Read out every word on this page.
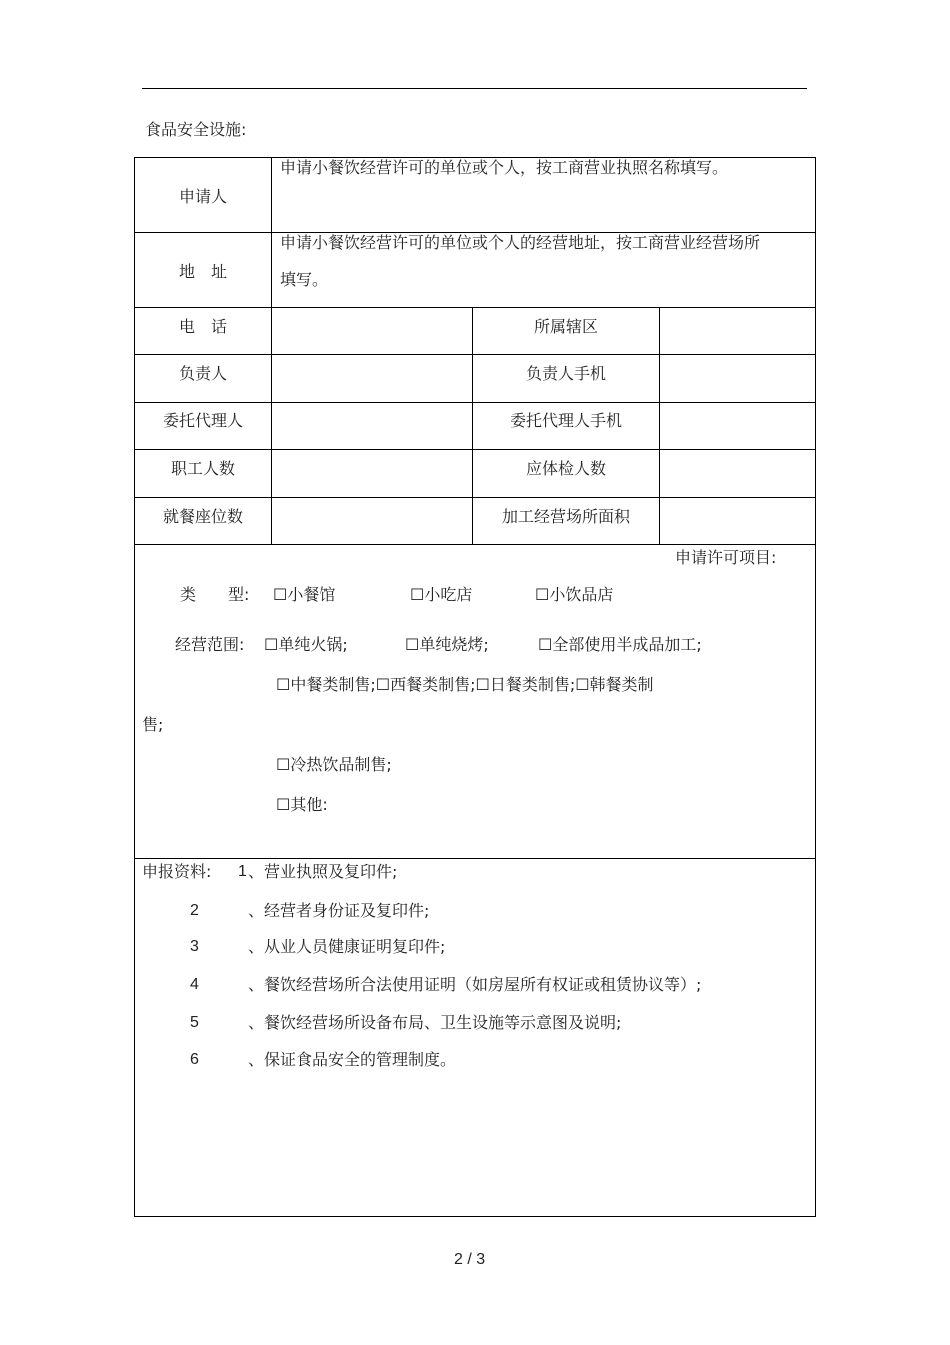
食品安全设施:
申请人
申请小餐饮经营许可的单位或个人，按工商营业执照名称填写。
地　址
申请小餐饮经营许可的单位或个人的经营地址，按工商营业经营场所填写。
电　话	所属辖区
负责人	负责人手机
委托代理人	委托代理人手机
职工人数	应体检人数
就餐座位数	加工经营场所面积
申请许可项目:
类　　型: ☐小餐馆	☐小吃店	☐小饮品店
经营范围: ☐单纯火锅;	☐单纯烧烤;	☐全部使用半成品加工;
☐中餐类制售;☐西餐类制售;☐日餐类制售;☐韩餐类制
售;
☐冷热饮品制售;
☐其他:
申报资料: 1 、营业执照及复印件;
2	、经营者身份证及复印件;
3	、从业人员健康证明复印件;
4	、餐饮经营场所合法使用证明（如房屋所有权证或租赁协议等）;
5	、餐饮经营场所设备布局、卫生设施等示意图及说明;
6	、保证食品安全的管理制度。
2 / 3
